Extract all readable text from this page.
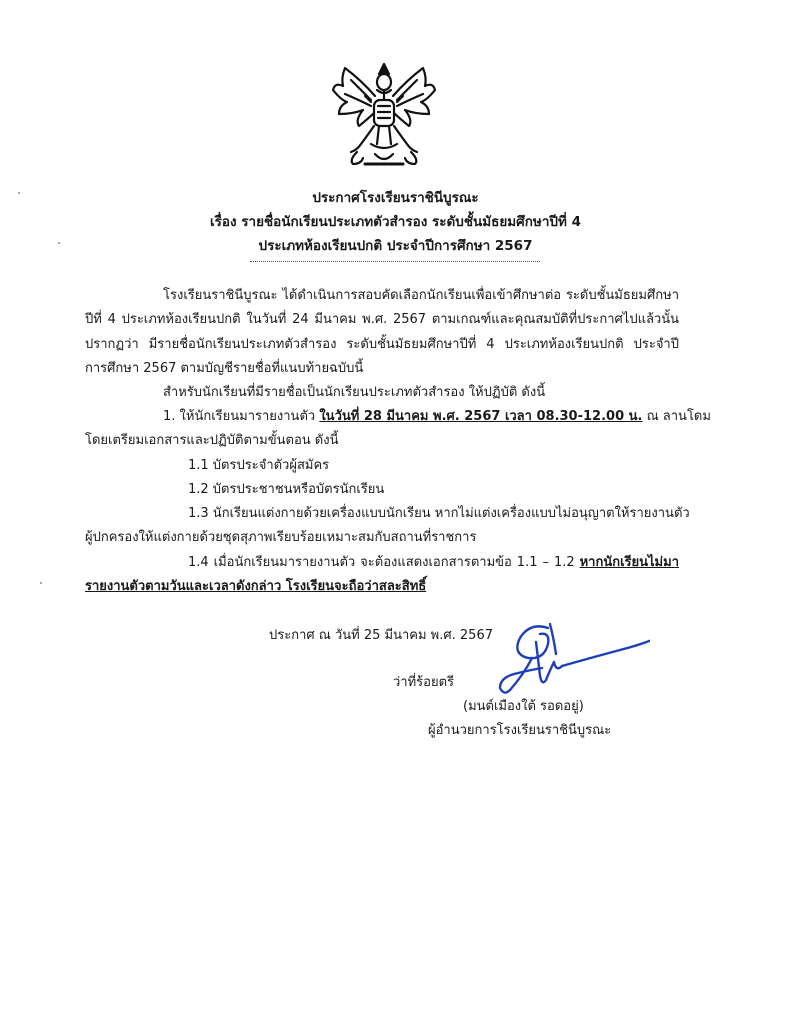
ประกาศโรงเรียนราชินีบูรณะ
เรื่อง รายชื่อนักเรียนประเภทตัวสำรอง ระดับชั้นมัธยมศึกษาปีที่ 4
ประเภทห้องเรียนปกติ ประจำปีการศึกษา 2567
โรงเรียนราชินีบูรณะ ได้ดำเนินการสอบคัดเลือกนักเรียนเพื่อเข้าศึกษาต่อ ระดับชั้นมัธยมศึกษา
ปีที่ 4 ประเภทห้องเรียนปกติ ในวันที่ 24 มีนาคม พ.ศ. 2567 ตามเกณฑ์และคุณสมบัติที่ประกาศไปแล้วนั้น
ปรากฏว่า มีรายชื่อนักเรียนประเภทตัวสำรอง ระดับชั้นมัธยมศึกษาปีที่ 4 ประเภทห้องเรียนปกติ ประจำปี
การศึกษา 2567 ตามบัญชีรายชื่อที่แนบท้ายฉบับนี้
สำหรับนักเรียนที่มีรายชื่อเป็นนักเรียนประเภทตัวสำรอง ให้ปฏิบัติ ดังนี้
1. ให้นักเรียนมารายงานตัว ในวันที่ 28 มีนาคม พ.ศ. 2567 เวลา 08.30-12.00 น. ณ ลานโดม
โดยเตรียมเอกสารและปฏิบัติตามขั้นตอน ดังนี้
1.1 บัตรประจำตัวผู้สมัคร
1.2 บัตรประชาชนหรือบัตรนักเรียน
1.3 นักเรียนแต่งกายด้วยเครื่องแบบนักเรียน หากไม่แต่งเครื่องแบบไม่อนุญาตให้รายงานตัว
ผู้ปกครองให้แต่งกายด้วยชุดสุภาพเรียบร้อยเหมาะสมกับสถานที่ราชการ
1.4 เมื่อนักเรียนมารายงานตัว จะต้องแสดงเอกสารตามข้อ 1.1 – 1.2 หากนักเรียนไม่มา
รายงานตัวตามวันและเวลาดังกล่าว โรงเรียนจะถือว่าสละสิทธิ์
ประกาศ ณ วันที่ 25 มีนาคม พ.ศ. 2567
ว่าที่ร้อยตรี
(มนต์เมืองใต้ รอดอยู่)
ผู้อำนวยการโรงเรียนราชินีบูรณะ
